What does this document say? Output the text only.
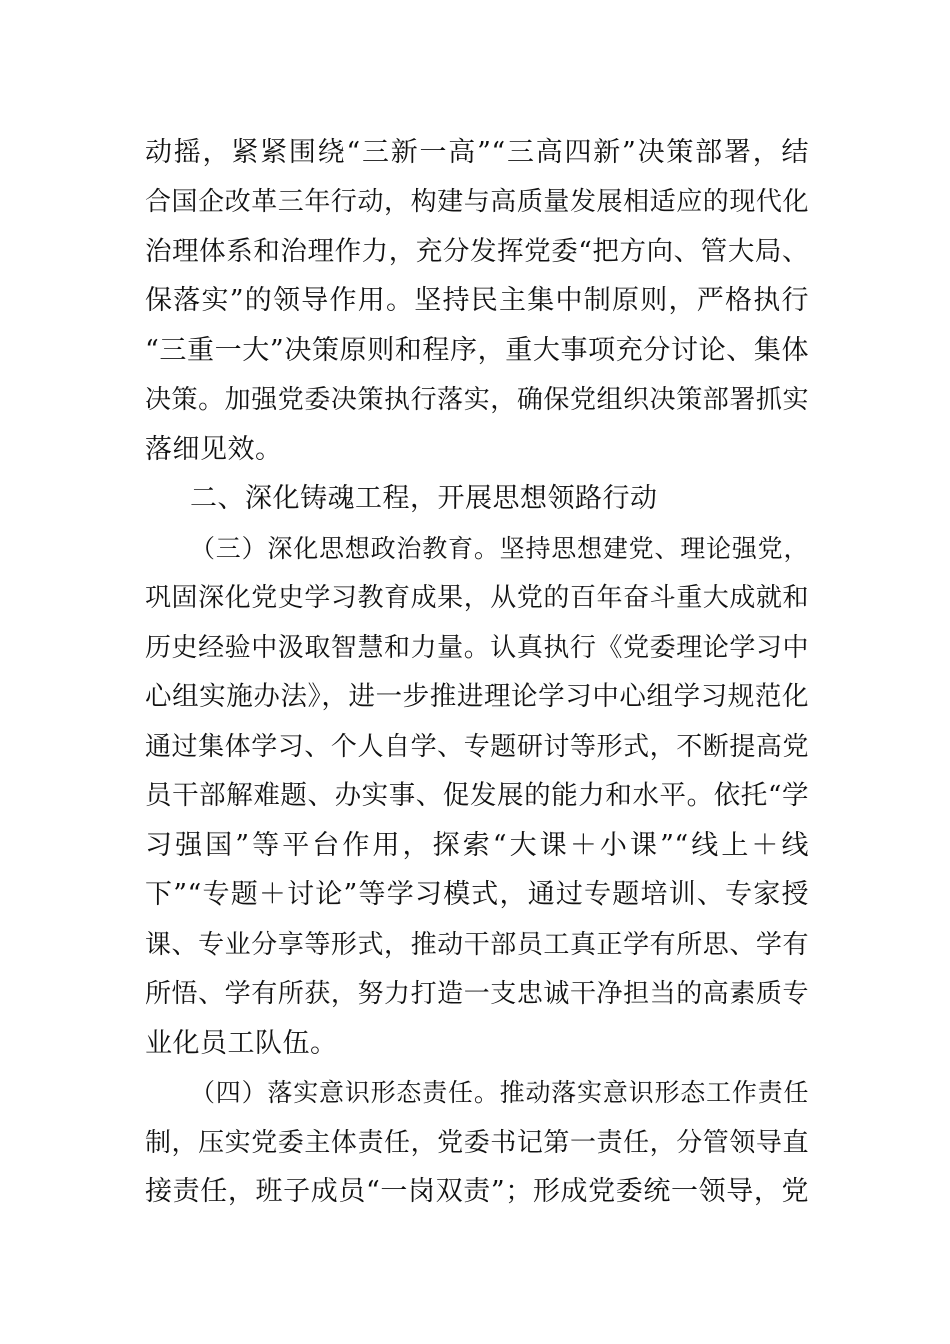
动摇，紧紧围绕“三新一高”“三高四新”决策部署，结
合国企改革三年行动，构建与高质量发展相适应的现代化
治理体系和治理作力，充分发挥党委“把方向、管大局、
保落实”的领导作用。坚持民主集中制原则，严格执行
“三重一大”决策原则和程序，重大事项充分讨论、集体
决策。加强党委决策执行落实，确保党组织决策部署抓实
落细见效。
二、深化铸魂工程，开展思想领路行动
（三）深化思想政治教育。坚持思想建党、理论强党，
巩固深化党史学习教育成果，从党的百年奋斗重大成就和
历史经验中汲取智慧和力量。认真执行《党委理论学习中
心组实施办法》，进一步推进理论学习中心组学习规范化
通过集体学习、个人自学、专题研讨等形式，不断提高党
员干部解难题、办实事、促发展的能力和水平。依托“学
习强国”等平台作用，探索“大课＋小课”“线上＋线
下”“专题＋讨论”等学习模式，通过专题培训、专家授
课、专业分享等形式，推动干部员工真正学有所思、学有
所悟、学有所获，努力打造一支忠诚干净担当的高素质专
业化员工队伍。
（四）落实意识形态责任。推动落实意识形态工作责任
制，压实党委主体责任，党委书记第一责任，分管领导直
接责任，班子成员“一岗双责”；形成党委统一领导，党
